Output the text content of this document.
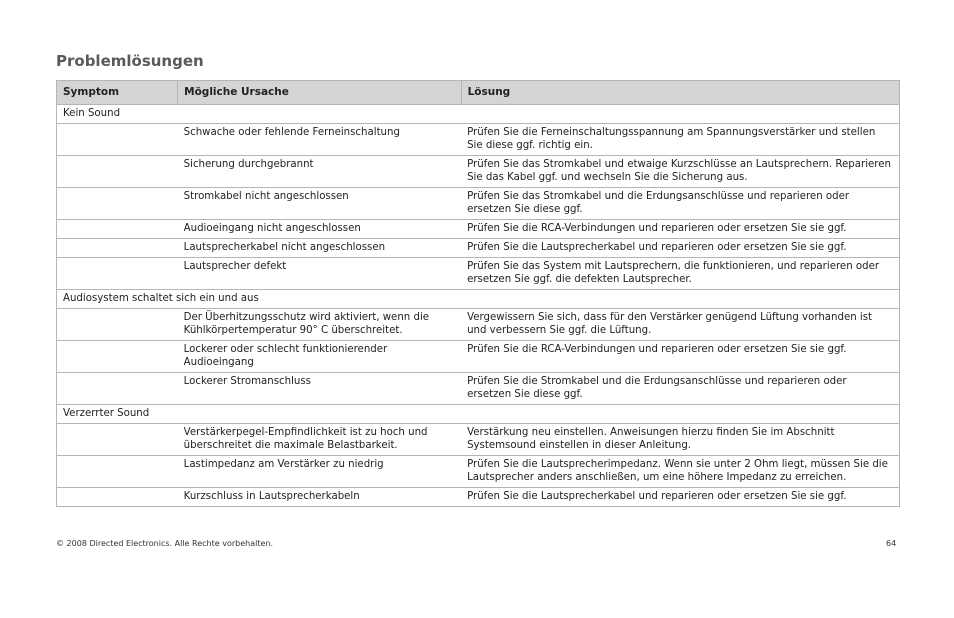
Problemlösungen
Symptom	Mögliche Ursache	Lösung
Kein Sound		
	Schwache oder fehlende Ferneinschaltung	Prüfen Sie die Ferneinschaltungsspannung am Spannungsverstärker und stellen Sie diese ggf. richtig ein.
	Sicherung durchgebrannt	Prüfen Sie das Stromkabel und etwaige Kurzschlüsse an Lautsprechern. Reparieren Sie das Kabel ggf. und wechseln Sie die Sicherung aus.
	Stromkabel nicht angeschlossen	Prüfen Sie das Stromkabel und die Erdungsanschlüsse und reparieren oder ersetzen Sie diese ggf.
	Audioeingang nicht angeschlossen	Prüfen Sie die RCA-Verbindungen und reparieren oder ersetzen Sie sie ggf.
	Lautsprecherkabel nicht angeschlossen	Prüfen Sie die Lautsprecherkabel und reparieren oder ersetzen Sie sie ggf.
	Lautsprecher defekt	Prüfen Sie das System mit Lautsprechern, die funktionieren, und reparieren oder ersetzen Sie ggf. die defekten Lautsprecher.
Audiosystem schaltet sich ein und aus		
	Der Überhitzungsschutz wird aktiviert, wenn die Kühlkörpertemperatur 90° C überschreitet.	Vergewissern Sie sich, dass für den Verstärker genügend Lüftung vorhanden ist und verbessern Sie ggf. die Lüftung.
	Lockerer oder schlecht funktionierender Audioeingang	Prüfen Sie die RCA-Verbindungen und reparieren oder ersetzen Sie sie ggf.
	Lockerer Stromanschluss	Prüfen Sie die Stromkabel und die Erdungsanschlüsse und reparieren oder ersetzen Sie diese ggf.
Verzerrter Sound		
	Verstärkerpegel-Empfindlichkeit ist zu hoch und überschreitet die maximale Belastbarkeit.	Verstärkung neu einstellen. Anweisungen hierzu finden Sie im Abschnitt Systemsound einstellen in dieser Anleitung.
	Lastimpedanz am Verstärker zu niedrig	Prüfen Sie die Lautsprecherimpedanz. Wenn sie unter 2 Ohm liegt, müssen Sie die Lautsprecher anders anschließen, um eine höhere Impedanz zu erreichen.
	Kurzschluss in Lautsprecherkabeln	Prüfen Sie die Lautsprecherkabel und reparieren oder ersetzen Sie sie ggf.
© 2008 Directed Electronics. Alle Rechte vorbehalten.	64
